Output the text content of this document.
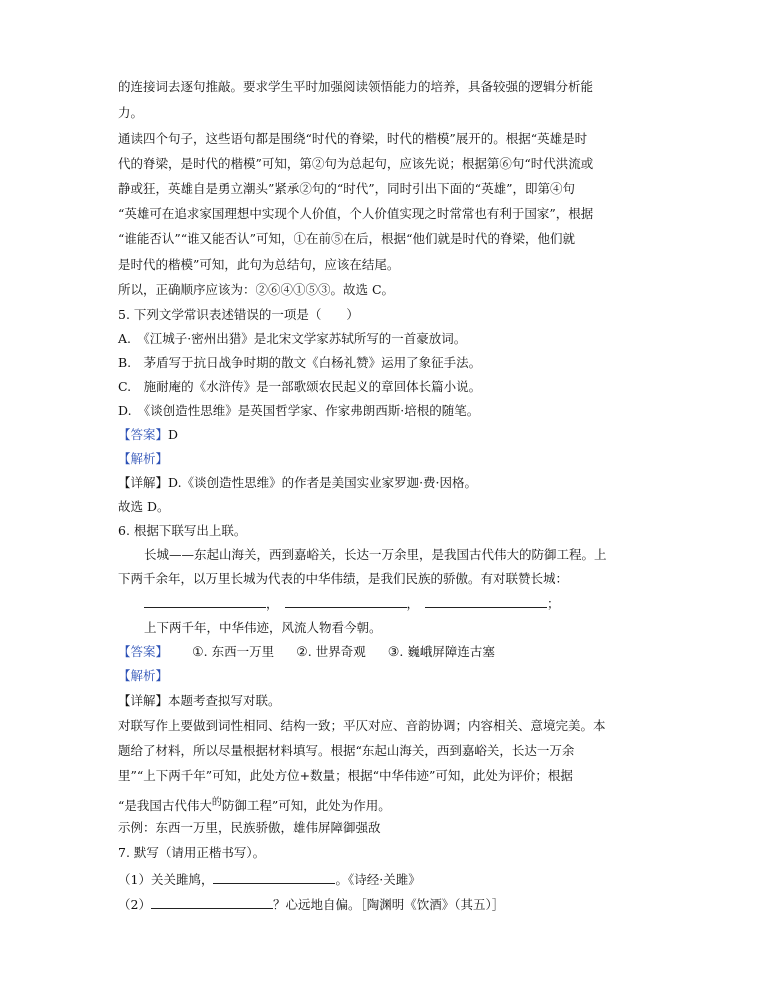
的连接词去逐句推敲。要求学生平时加强阅读领悟能力的培养，具备较强的逻辑分析能
力。
通读四个句子，这些语句都是围绕“时代的脊梁，时代的楷模”展开的。根据“英雄是时
代的脊梁，是时代的楷模”可知，第②句为总起句，应该先说；根据第⑥句“时代洪流或
静或狂，英雄自是勇立潮头”紧承②句的“时代”，同时引出下面的“英雄”，即第④句
“英雄可在追求家国理想中实现个人价值，个人价值实现之时常常也有利于国家”，根据
“谁能否认”“谁又能否认”可知，①在前⑤在后，根据“他们就是时代的脊梁，他们就
是时代的楷模”可知，此句为总结句，应该在结尾。
所以，正确顺序应该为：②⑥④①⑤③。故选 C。
5. 下列文学常识表述错误的一项是（　　）
A.　《江城子·密州出猎》是北宋文学家苏轼所写的一首豪放词。
B.　茅盾写于抗日战争时期的散文《白杨礼赞》运用了象征手法。
C.　施耐庵的《水浒传》是一部歌颂农民起义的章回体长篇小说。
D.　《谈创造性思维》是英国哲学家、作家弗朗西斯·培根的随笔。
【答案】D
【解析】
【详解】D.《谈创造性思维》的作者是美国实业家罗迦·费·因格。
故选 D。
6. 根据下联写出上联。
长城——东起山海关，西到嘉峪关，长达一万余里，是我国古代伟大的防御工程。上
下两千余年，以万里长城为代表的中华伟绩，是我们民族的骄傲。有对联赞长城：
，	，	；
上下两千年，中华伟迹，风流人物看今朝。
【答案】 ①. 东西一万里 ②. 世界奇观 ③. 巍峨屏障连古塞
【解析】
【详解】本题考查拟写对联。
对联写作上要做到词性相同、结构一致；平仄对应、音韵协调；内容相关、意境完美。本
题给了材料，所以尽量根据材料填写。根据“东起山海关，西到嘉峪关，长达一万余
里”“上下两千年”可知，此处方位+数量；根据“中华伟迹”可知，此处为评价；根据
“是我国古代伟大$^的$防御工程”可知，此处为作用。
示例：东西一万里，民族骄傲，雄伟屏障御强敌
7. 默写（请用正楷书写）。
（1）关关雎鸠，	。《诗经·关雎》
（2）	？心远地自偏。［陶渊明《饮酒》（其五）］
